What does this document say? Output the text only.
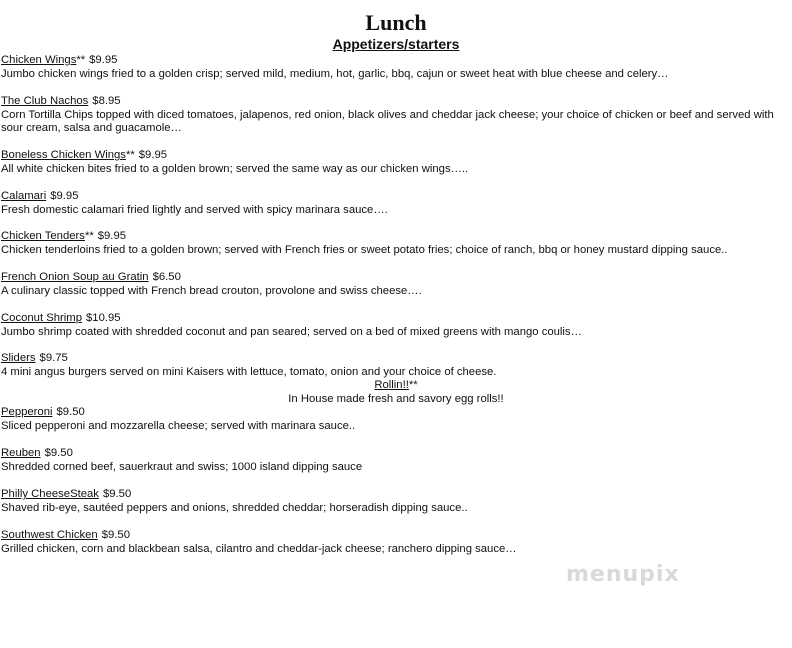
Lunch
Appetizers/starters
Chicken Wings** $9.95
Jumbo chicken wings fried to a golden crisp; served mild, medium, hot, garlic, bbq, cajun or sweet heat with blue cheese and celery…
The Club Nachos $8.95
Corn Tortilla Chips topped with diced tomatoes, jalapenos, red onion, black olives and cheddar jack cheese; your choice of chicken or beef and served with sour cream, salsa and guacamole…
Boneless Chicken Wings** $9.95
All white chicken bites fried to a golden brown; served the same way as our chicken wings…..
Calamari $9.95
Fresh domestic calamari fried lightly and served with spicy marinara sauce….
Chicken Tenders** $9.95
Chicken tenderloins fried to a golden brown; served with French fries or sweet potato fries; choice of ranch, bbq or honey mustard dipping sauce..
French Onion Soup au Gratin $6.50
A culinary classic topped with French bread crouton, provolone and swiss cheese….
Coconut Shrimp $10.95
Jumbo shrimp coated with shredded coconut and pan seared; served on a bed of mixed greens with mango coulis…
Sliders $9.75
4 mini angus burgers served on mini Kaisers with lettuce, tomato, onion and your choice of cheese.
Rollin!!**
In House made fresh and savory egg rolls!!
Pepperoni $9.50
Sliced pepperoni and mozzarella cheese; served with marinara sauce..
Reuben $9.50
Shredded corned beef, sauerkraut and swiss; 1000 island dipping sauce
Philly CheeseSteak $9.50
Shaved rib-eye, sautéed peppers and onions, shredded cheddar; horseradish dipping sauce..
Southwest Chicken $9.50
Grilled chicken, corn and blackbean salsa, cilantro and cheddar-jack cheese; ranchero dipping sauce…
menupix
